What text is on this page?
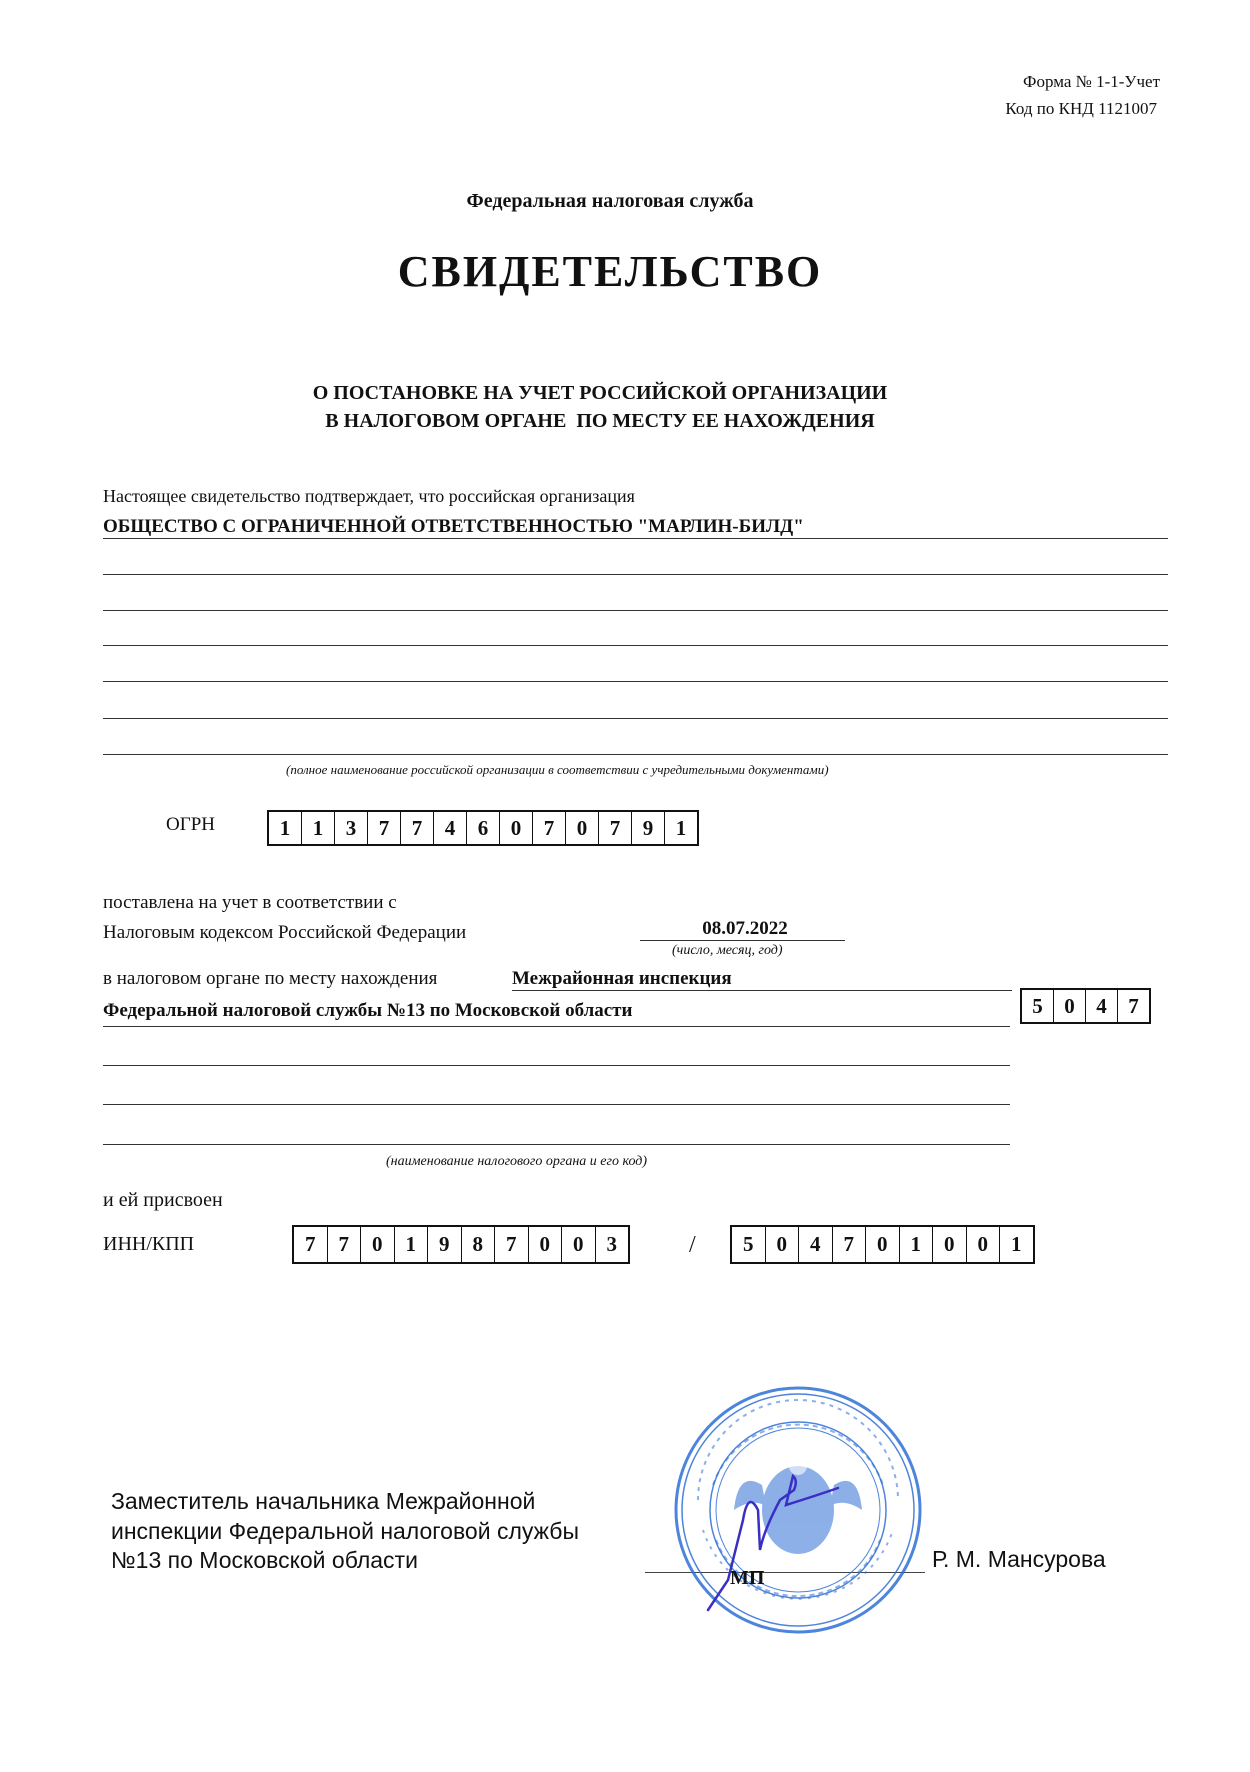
Форма № 1-1-Учет
Код по КНД 1121007
Федеральная налоговая служба
СВИДЕТЕЛЬСТВО
О ПОСТАНОВКЕ НА УЧЕТ РОССИЙСКОЙ ОРГАНИЗАЦИИ
В НАЛОГОВОМ ОРГАНЕ  ПО МЕСТУ ЕЕ НАХОЖДЕНИЯ
Настоящее свидетельство подтверждает, что российская организация
ОБЩЕСТВО С ОГРАНИЧЕННОЙ ОТВЕТСТВЕННОСТЬЮ "МАРЛИН-БИЛД"
(полное наименование российской организации в соответствии с учредительными документами)
ОГРН	1	1	3	7	7	4	6	0	7	0	7	9	1
поставлена на учет в соответствии с
Налоговым кодексом Российской Федерации	08.07.2022
(число, месяц, год)
в налоговом органе по месту нахождения	Межрайонная инспекция
Федеральной налоговой службы №13 по Московской области	5	0	4	7
(наименование налогового органа и его код)
и ей присвоен
ИНН/КПП	7	7	0	1	9	8	7	0	0	3	/	5	0	4	7	0	1	0	0	1
Заместитель начальника Межрайонной
инспекции Федеральной налоговой службы
№13 по Московской области	Р. М. Мансурова
МП
